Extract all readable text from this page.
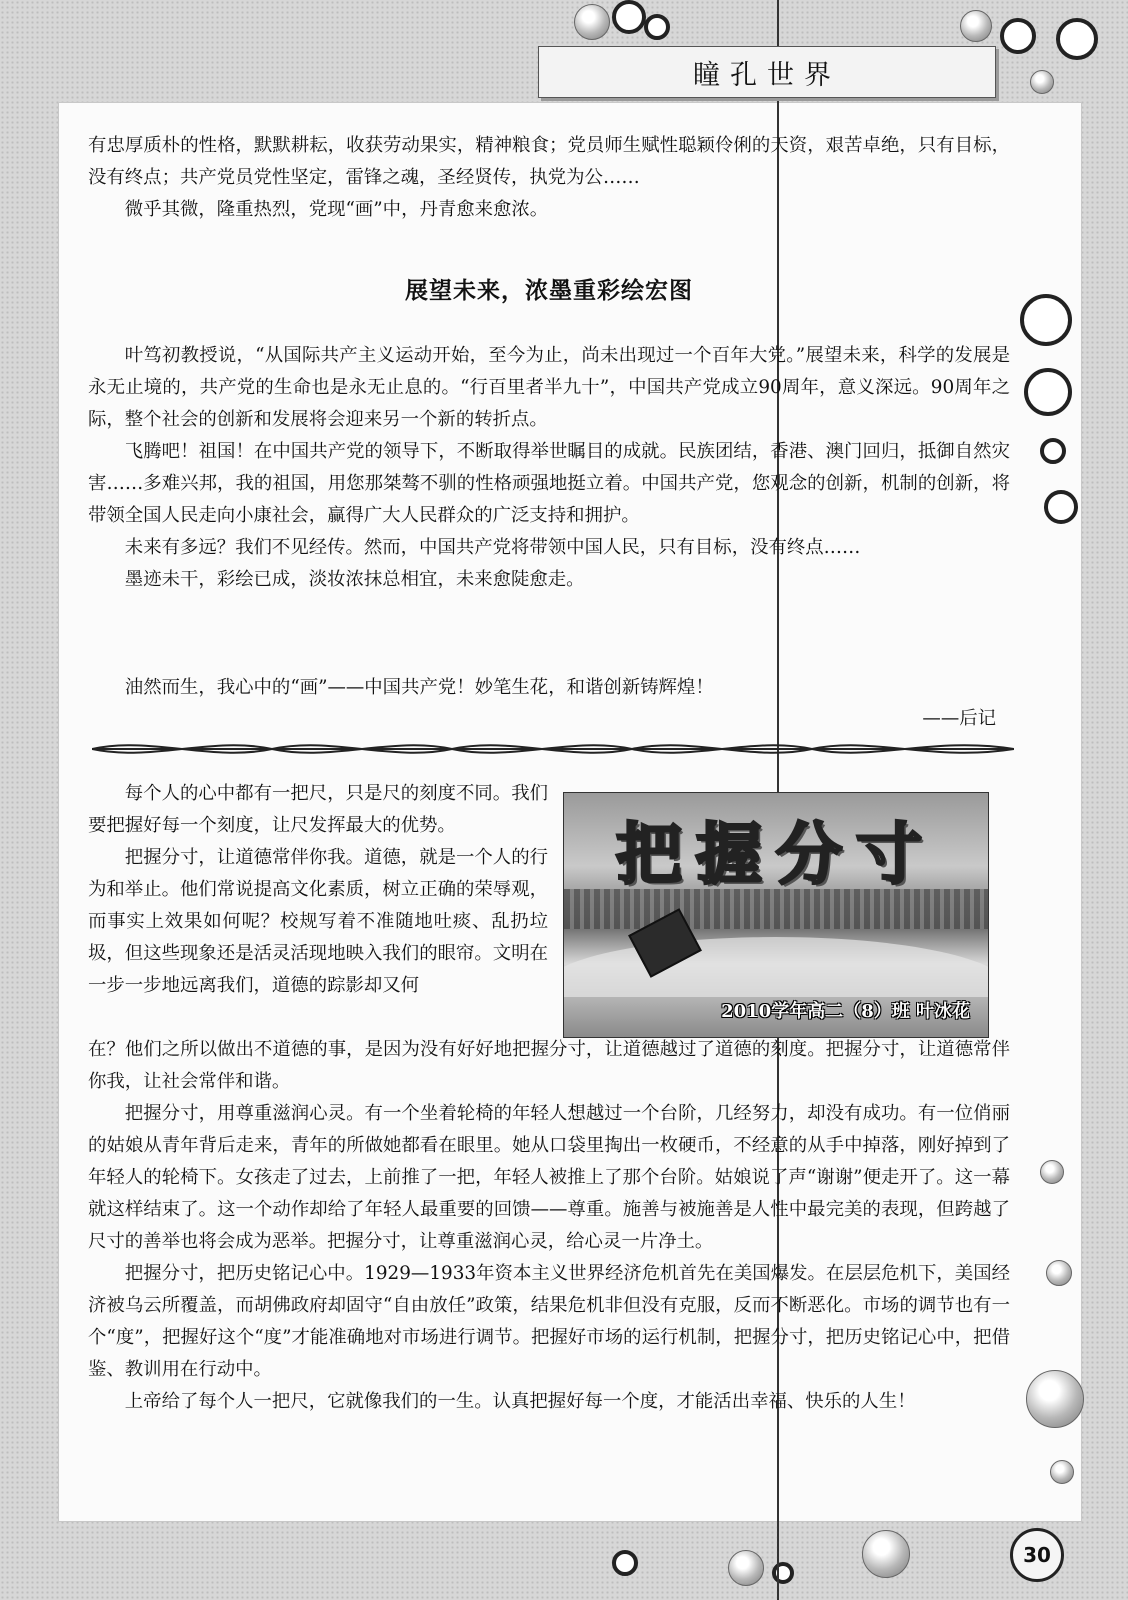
瞳孔世界

有忠厚质朴的性格，默默耕耘，收获劳动果实，精神粮食；党员师生赋性聪颖伶俐的天资，艰苦卓绝，只有目标，没有终点；共产党员党性坚定，雷锋之魂，圣经贤传，执党为公……

微乎其微，隆重热烈，党现“画”中，丹青愈来愈浓。

展望未来，浓墨重彩绘宏图

叶笃初教授说，“从国际共产主义运动开始，至今为止，尚未出现过一个百年大党。”展望未来，科学的发展是永无止境的，共产党的生命也是永无止息的。“行百里者半九十”，中国共产党成立90周年，意义深远。90周年之际，整个社会的创新和发展将会迎来另一个新的转折点。

飞腾吧！祖国！在中国共产党的领导下，不断取得举世瞩目的成就。民族团结，香港、澳门回归，抵御自然灾害……多难兴邦，我的祖国，用您那桀骜不驯的性格顽强地挺立着。中国共产党，您观念的创新，机制的创新，将带领全国人民走向小康社会，赢得广大人民群众的广泛支持和拥护。

未来有多远？我们不见经传。然而，中国共产党将带领中国人民，只有目标，没有终点……

墨迹未干，彩绘已成，淡妆浓抹总相宜，未来愈陡愈走。

油然而生，我心中的“画”——中国共产党！妙笔生花，和谐创新铸辉煌！

——后记
把握分寸
2010学年高二（8）班 叶冰花

每个人的心中都有一把尺，只是尺的刻度不同。我们要把握好每一个刻度，让尺发挥最大的优势。

把握分寸，让道德常伴你我。道德，就是一个人的行为和举止。他们常说提高文化素质，树立正确的荣辱观，而事实上效果如何呢？校规写着不准随地吐痰、乱扔垃圾，但这些现象还是活灵活现地映入我们的眼帘。文明在一步一步地远离我们，道德的踪影却又何

在？他们之所以做出不道德的事，是因为没有好好地把握分寸，让道德越过了道德的刻度。把握分寸，让道德常伴你我，让社会常伴和谐。

把握分寸，用尊重滋润心灵。有一个坐着轮椅的年轻人想越过一个台阶，几经努力，却没有成功。有一位俏丽的姑娘从青年背后走来，青年的所做她都看在眼里。她从口袋里掏出一枚硬币，不经意的从手中掉落，刚好掉到了年轻人的轮椅下。女孩走了过去，上前推了一把，年轻人被推上了那个台阶。姑娘说了声“谢谢”便走开了。这一幕就这样结束了。这一个动作却给了年轻人最重要的回馈——尊重。施善与被施善是人性中最完美的表现，但跨越了尺寸的善举也将会成为恶举。把握分寸，让尊重滋润心灵，给心灵一片净土。

把握分寸，把历史铭记心中。1929—1933年资本主义世界经济危机首先在美国爆发。在层层危机下，美国经济被乌云所覆盖，而胡佛政府却固守“自由放任”政策，结果危机非但没有克服，反而不断恶化。市场的调节也有一个“度”，把握好这个“度”才能准确地对市场进行调节。把握好市场的运行机制，把握分寸，把历史铭记心中，把借鉴、教训用在行动中。

上帝给了每个人一把尺，它就像我们的一生。认真把握好每一个度，才能活出幸福、快乐的人生！

30
